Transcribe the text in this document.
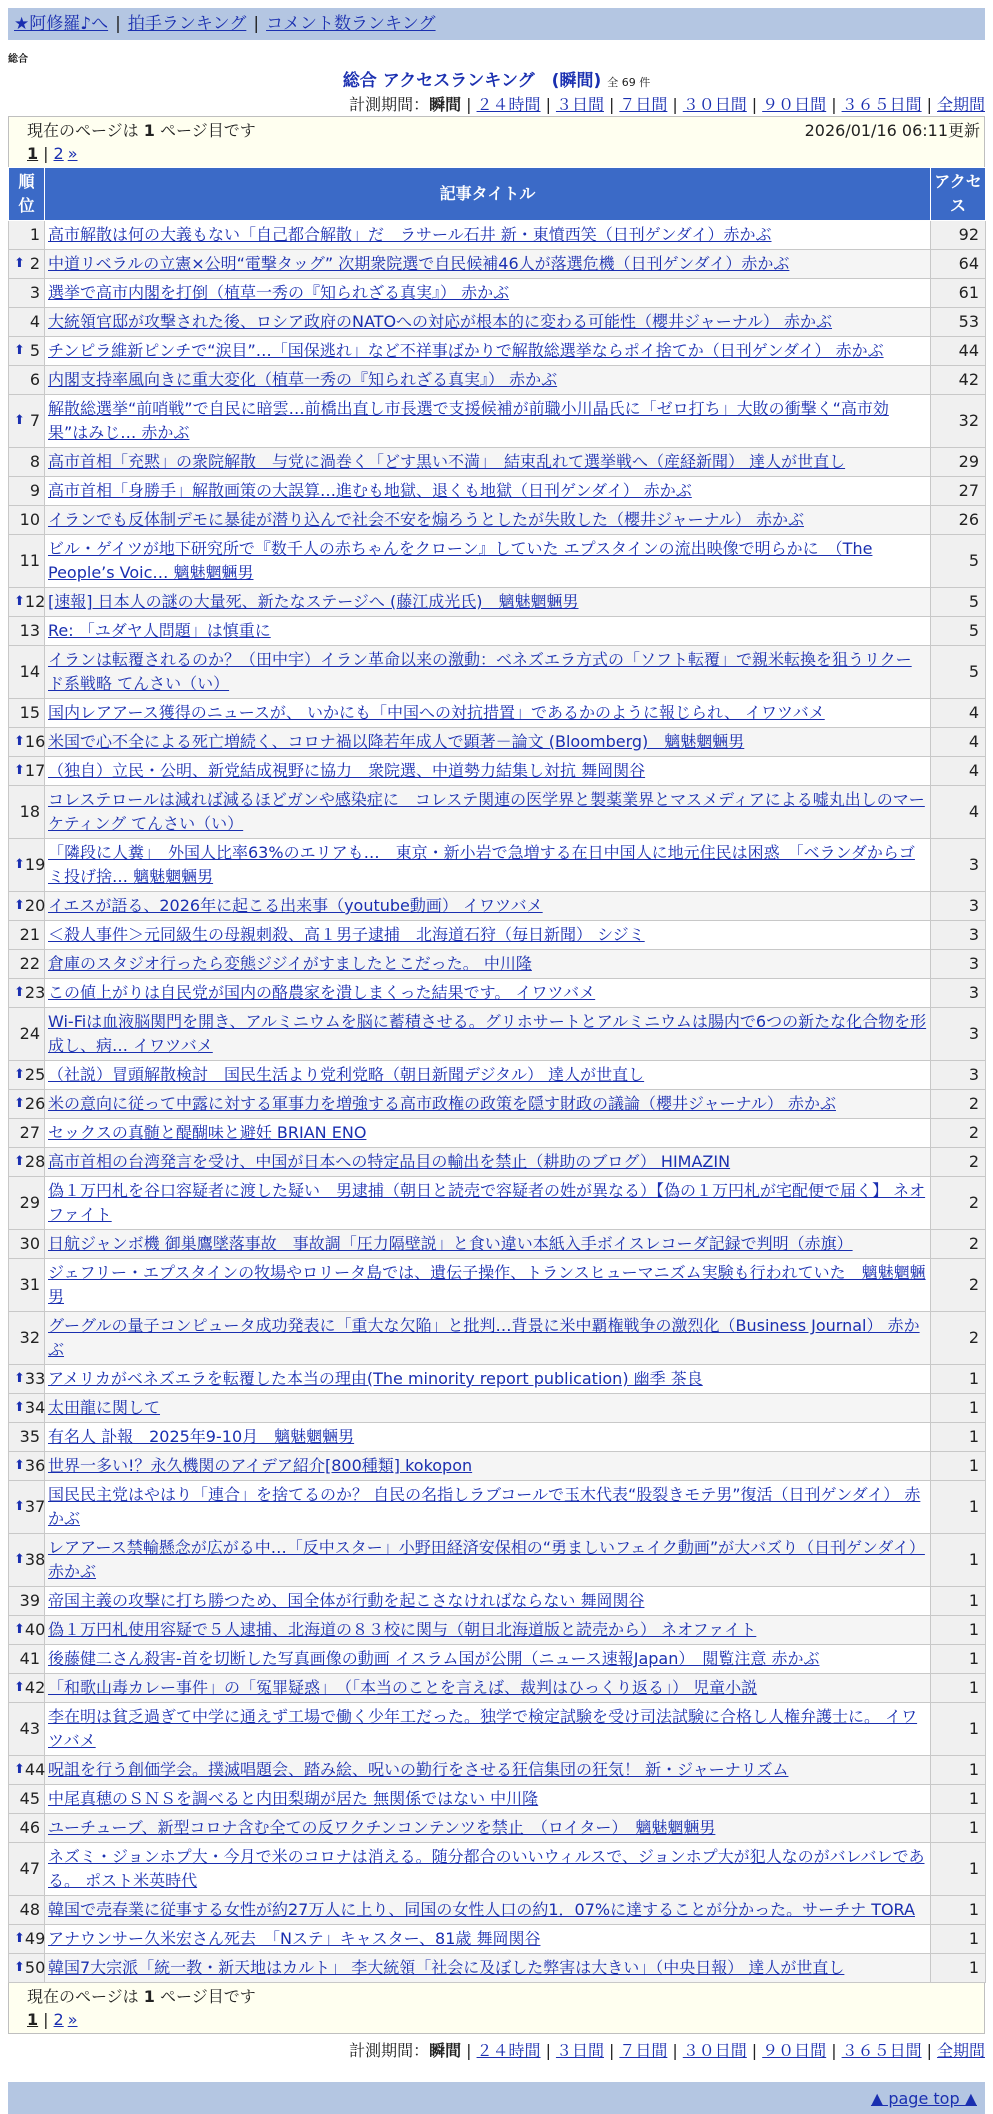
★阿修羅♪へ | 拍手ランキング | コメント数ランキング
総合
総合 アクセスランキング　(瞬間) 全 69 件
計測期間：瞬間 | ２４時間 | ３日間 | ７日間 | ３０日間 | ９０日間 | ３６５日間 | 全期間
現在のページは 1 ページ目です	2026/01/16 06:11更新
1 | 2 »
順位	記事タイトル	アクセス
1	高市解散は何の大義もない「自己都合解散」だ　ラサール石井 新・東憤西笑（日刊ゲンダイ）赤かぶ	92

⬆ 2	中道リベラルの立憲×公明“電撃タッグ” 次期衆院選で自民候補46人が落選危機（日刊ゲンダイ）赤かぶ	64
3	選挙で高市内閣を打倒（植草一秀の『知られざる真実』） 赤かぶ	61
4	大統領官邸が攻撃された後、ロシア政府のNATOへの対応が根本的に変わる可能性（櫻井ジャーナル） 赤かぶ	53

⬆ 5	チンピラ維新ピンチで“涙目”…「国保逃れ」など不祥事ばかりで解散総選挙ならポイ捨てか（日刊ゲンダイ） 赤かぶ	44
6	内閣支持率風向きに重大変化（植草一秀の『知られざる真実』） 赤かぶ	42

⬆ 7	解散総選挙“前哨戦”で自民に暗雲…前橋出直し市長選で支援候補が前職小川晶氏に「ゼロ打ち」大敗の衝撃く“高市効果”はみじ… 赤かぶ	32
8	高市首相「充黙」の衆院解散　与党に渦巻く「どす黒い不満」　結束乱れて選挙戦へ（産経新聞） 達人が世直し	29
9	高市首相「身勝手」解散画策の大誤算…進むも地獄、退くも地獄（日刊ゲンダイ） 赤かぶ	27
10	イランでも反体制デモに暴徒が潜り込んで社会不安を煽ろうとしたが失敗した（櫻井ジャーナル） 赤かぶ	26
11	ビル・ゲイツが地下研究所で『数千人の赤ちゃんをクローン』していた エプスタインの流出映像で明らかに　（The People’s Voic… 魑魅魍魎男	5

⬆ 12	[速報] 日本人の謎の大量死、新たなステージへ (藤江成光氏)　魑魅魍魎男	5
13	Re: 「ユダヤ人問題」は慎重に	5
14	イランは転覆されるのか？（田中宇）イラン革命以来の激動：ベネズエラ方式の「ソフト転覆」で親米転換を狙うリクード系戦略 てんさい（い）	5
15	国内レアアース獲得のニュースが、 いかにも「中国への対抗措置」であるかのように報じられ、 イワツバメ	4

⬆ 16	米国で心不全による死亡増続く、コロナ禍以降若年成人で顕著－論文 (Bloomberg)　魑魅魍魎男	4

⬆ 17	（独自）立民・公明、新党結成視野に協力　衆院選、中道勢力結集し対抗 舞岡関谷	4
18	コレステロールは減れば減るほどガンや感染症に　コレステ関連の医学界と製薬業界とマスメディアによる嘘丸出しのマーケティング てんさい（い）	4

⬆ 19	「隣段に人糞」　外国人比率63%のエリアも…　東京・新小岩で急増する在日中国人に地元住民は困惑　「ベランダからゴミ投げ捨… 魑魅魍魎男	3

⬆ 20	イエスが語る、2026年に起こる出来事（youtube動画） イワツバメ	3
21	＜殺人事件＞元同級生の母親刺殺、高１男子逮捕　北海道石狩（毎日新聞） シジミ	3
22	倉庫のスタジオ行ったら変態ジジイがすましたとこだった。 中川隆	3

⬆ 23	この値上がりは自民党が国内の酪農家を潰しまくった結果です。 イワツバメ	3
24	Wi-Fiは血液脳関門を開き、アルミニウムを脳に蓄積させる。グリホサートとアルミニウムは腸内で6つの新たな化合物を形成し、病… イワツバメ	3

⬆ 25	（社説）冒頭解散検討　国民生活より党利党略（朝日新聞デジタル） 達人が世直し	3

⬆ 26	米の意向に従って中露に対する軍事力を増強する高市政権の政策を隠す財政の議論（櫻井ジャーナル） 赤かぶ	2
27	セックスの真髄と醍醐味と避妊 BRIAN ENO	2

⬆ 28	高市首相の台湾発言を受け、中国が日本への特定品目の輸出を禁止（耕助のブログ） HIMAZIN	2
29	偽１万円札を谷口容疑者に渡した疑い　男逮捕（朝日と読売で容疑者の姓が異なる）【偽の１万円札が宅配便で届く】 ネオファイト	2
30	日航ジャンボ機 御巣鷹墜落事故　事故調「圧力隔壁説」と食い違い本紙入手ボイスレコーダ記録で判明（赤旗）	2
31	ジェフリー・エプスタインの牧場やロリータ島では、遺伝子操作、トランスヒューマニズム実験も行われていた　魑魅魍魎男	2
32	グーグルの量子コンピュータ成功発表に「重大な欠陥」と批判…背景に米中覇権戦争の激烈化（Business Journal） 赤かぶ	2

⬆ 33	アメリカがベネズエラを転覆した本当の理由(The minority report publication) 幽季 茶良	1

⬆ 34	太田龍に関して	1
35	有名人 訃報　2025年9-10月　魑魅魍魎男	1

⬆ 36	世界一多い!？永久機関のアイデア紹介[800種類] kokopon	1

⬆ 37	国民民主党はやはり「連合」を捨てるのか？ 自民の名指しラブコールで玉木代表“股裂きモテ男”復活（日刊ゲンダイ） 赤かぶ	1

⬆ 38	レアアース禁輸懸念が広がる中…「反中スター」小野田経済安保相の“勇ましいフェイク動画”が大バズり（日刊ゲンダイ） 赤かぶ	1
39	帝国主義の攻撃に打ち勝つため、国全体が行動を起こさなければならない 舞岡関谷	1

⬆ 40	偽１万円札使用容疑で５人逮捕、北海道の８３校に関与（朝日北海道版と読売から） ネオファイト	1
41	後藤健二さん殺害-首を切断した写真画像の動画 イスラム国が公開（ニュース速報Japan）　閲覧注意 赤かぶ	1

⬆ 42	「和歌山毒カレー事件」の「冤罪疑惑」　（「本当のことを言えば、裁判はひっくり返る」） 児童小説	1
43	李在明は貧乏過ぎて中学に通えず工場で働く少年工だった。独学で検定試験を受け司法試験に合格し人権弁護士に。 イワツバメ	1

⬆ 44	呪詛を行う創価学会。撲滅唱題会、踏み絵、呪いの勤行をさせる狂信集団の狂気！ 新・ジャーナリズム	1
45	中尾真穂のＳＮＳを調べると内田梨瑚が居た 無関係ではない 中川隆	1
46	ユーチューブ、新型コロナ含む全ての反ワクチンコンテンツを禁止　（ロイター）　魑魅魍魎男	1
47	ネズミ・ジョンホプ大・今月で米のコロナは消える。随分都合のいいウィルスで、ジョンホプ大が犯人なのがバレバレである。 ポスト米英時代	1
48	韓国で売春業に従事する女性が約27万人に上り、同国の女性人口の約1．07%に達することが分かった。サーチナ TORA	1

⬆ 49	アナウンサー久米宏さん死去　「Nステ」キャスター、81歳 舞岡関谷	1

⬆ 50	韓国7大宗派「統一教・新天地はカルト」 李大統領「社会に及ぼした弊害は大きい」（中央日報） 達人が世直し	1
現在のページは 1 ページ目です
1 | 2 »
計測期間：瞬間 | ２４時間 | ３日間 | ７日間 | ３０日間 | ９０日間 | ３６５日間 | 全期間
▲ page top ▲
